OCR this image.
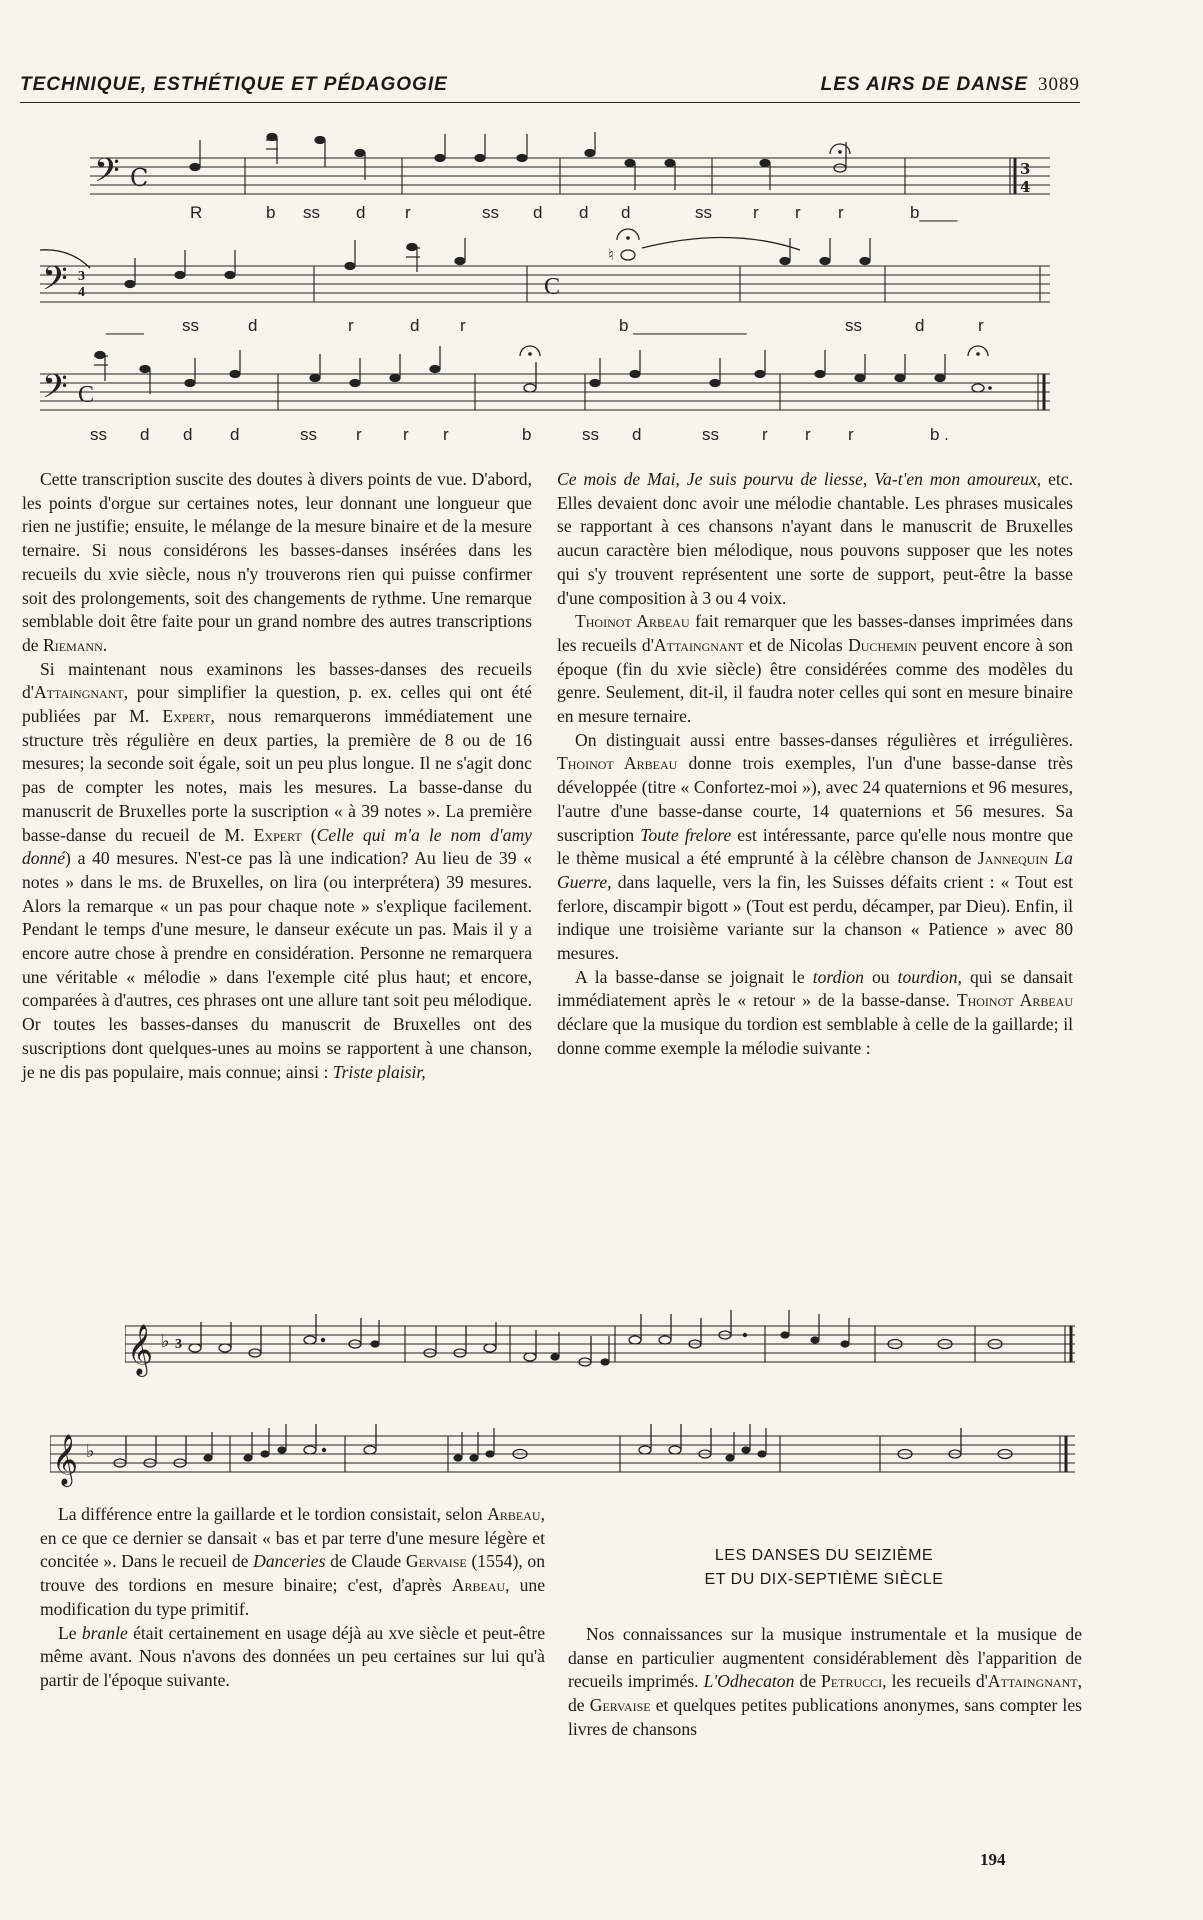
TECHNIQUE, ESTHÉTIQUE ET PÉDAGOGIE	LES AIRS DE DANSE 3089
𝄢 C	3
4
R	b ss d r	ss d d d	ss r r r	b____
𝄢 3
4	C
♮
____ ss	d	r	d r	b ____________	ss	d	r
𝄢 C
ss d d d	ss r r r	b	ss d	ss	r r r	b .

Cette transcription suscite des doutes à divers points de vue. D'abord, les points d'orgue sur certaines notes, leur donnant une longueur que rien ne justifie; ensuite, le mélange de la mesure binaire et de la mesure ternaire. Si nous considérons les basses-danses insérées dans les recueils du xvie siècle, nous n'y trouverons rien qui puisse confirmer soit des prolongements, soit des changements de rythme. Une remarque semblable doit être faite pour un grand nombre des autres transcriptions de Riemann.

Si maintenant nous examinons les basses-danses des recueils d'Attaingnant, pour simplifier la question, p. ex. celles qui ont été publiées par M. Expert, nous remarquerons immédiatement une structure très régulière en deux parties, la première de 8 ou de 16 mesures; la seconde soit égale, soit un peu plus longue. Il ne s'agit donc pas de compter les notes, mais les mesures. La basse-danse du manuscrit de Bruxelles porte la suscription « à 39 notes ». La première basse-danse du recueil de M. Expert (Celle qui m'a le nom d'amy donné) a 40 mesures. N'est-ce pas là une indication? Au lieu de 39 « notes » dans le ms. de Bruxelles, on lira (ou interprétera) 39 mesures. Alors la remarque « un pas pour chaque note » s'explique facilement. Pendant le temps d'une mesure, le danseur exécute un pas. Mais il y a encore autre chose à prendre en considération. Personne ne remarquera une véritable « mélodie » dans l'exemple cité plus haut; et encore, comparées à d'autres, ces phrases ont une allure tant soit peu mélodique. Or toutes les basses-danses du manuscrit de Bruxelles ont des suscriptions dont quelques-unes au moins se rapportent à une chanson, je ne dis pas populaire, mais connue; ainsi : Triste plaisir,

Ce mois de Mai, Je suis pourvu de liesse, Va-t'en mon amoureux, etc. Elles devaient donc avoir une mélodie chantable. Les phrases musicales se rapportant à ces chansons n'ayant dans le manuscrit de Bruxelles aucun caractère bien mélodique, nous pouvons supposer que les notes qui s'y trouvent représentent une sorte de support, peut-être la basse d'une composition à 3 ou 4 voix.

Thoinot Arbeau fait remarquer que les basses-danses imprimées dans les recueils d'Attaingnant et de Nicolas Duchemin peuvent encore à son époque (fin du xvie siècle) être considérées comme des modèles du genre. Seulement, dit-il, il faudra noter celles qui sont en mesure binaire en mesure ternaire.

On distinguait aussi entre basses-danses régulières et irrégulières. Thoinot Arbeau donne trois exemples, l'un d'une basse-danse très développée (titre « Confortez-moi »), avec 24 quaternions et 96 mesures, l'autre d'une basse-danse courte, 14 quaternions et 56 mesures. Sa suscription Toute frelore est intéressante, parce qu'elle nous montre que le thème musical a été emprunté à la célèbre chanson de Jannequin La Guerre, dans laquelle, vers la fin, les Suisses défaits crient : « Tout est ferlore, discampir bigott » (Tout est perdu, décamper, par Dieu). Enfin, il indique une troisième variante sur la chanson « Patience » avec 80 mesures.

A la basse-danse se joignait le tordion ou tourdion, qui se dansait immédiatement après le « retour » de la basse-danse. Thoinot Arbeau déclare que la musique du tordion est semblable à celle de la gaillarde; il donne comme exemple la mélodie suivante :

𝄞 ♭ 3
𝄞 ♭

La différence entre la gaillarde et le tordion consistait, selon Arbeau, en ce que ce dernier se dansait « bas et par terre d'une mesure légère et concitée ». Dans le recueil de Danceries de Claude Gervaise (1554), on trouve des tordions en mesure binaire; c'est, d'après Arbeau, une modification du type primitif.

Le branle était certainement en usage déjà au xve siècle et peut-être même avant. Nous n'avons des données un peu certaines sur lui qu'à partir de l'époque suivante.

LES DANSES DU SEIZIÈME
ET DU DIX-SEPTIÈME SIÈCLE

Nos connaissances sur la musique instrumentale et la musique de danse en particulier augmentent considérablement dès l'apparition de recueils imprimés. L'Odhecaton de Petrucci, les recueils d'Attaingnant, de Gervaise et quelques petites publications anonymes, sans compter les livres de chansons

194
